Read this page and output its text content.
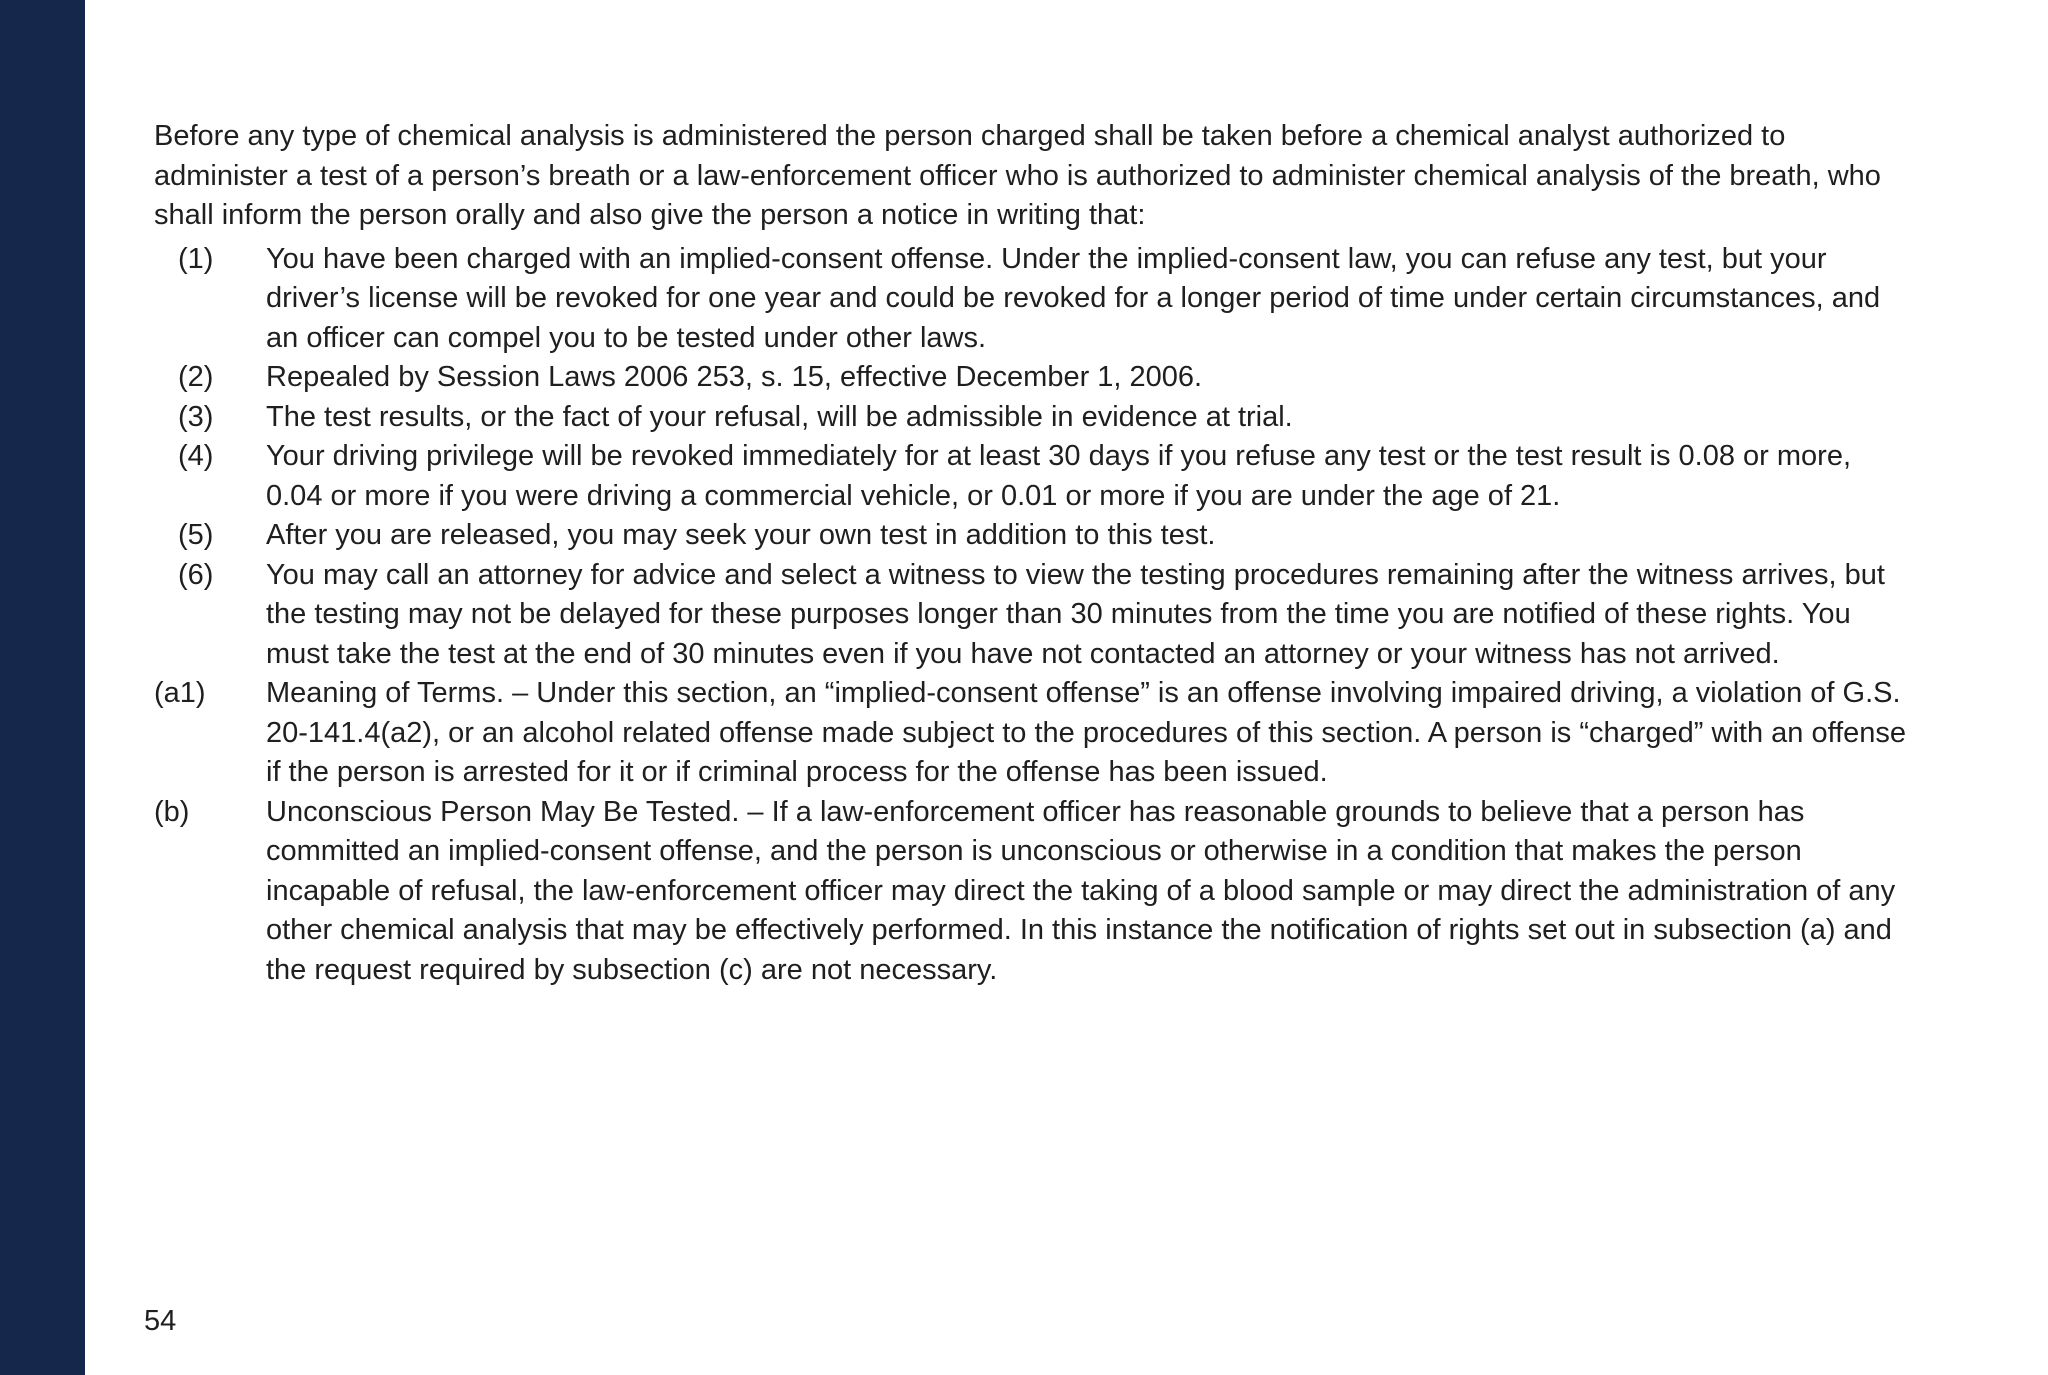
Before any type of chemical analysis is administered the person charged shall be taken before a chemical analyst authorized to administer a test of a person’s breath or a law-enforcement officer who is authorized to administer chemical analysis of the breath, who shall inform the person orally and also give the person a notice in writing that:

(1) You have been charged with an implied-consent offense. Under the implied-consent law, you can refuse any test, but your driver’s license will be revoked for one year and could be revoked for a longer period of time under certain circumstances, and an officer can compel you to be tested under other laws.
(2) Repealed by Session Laws 2006 253, s. 15, effective December 1, 2006.
(3) The test results, or the fact of your refusal, will be admissible in evidence at trial.
(4) Your driving privilege will be revoked immediately for at least 30 days if you refuse any test or the test result is 0.08 or more, 0.04 or more if you were driving a commercial vehicle, or 0.01 or more if you are under the age of 21.
(5) After you are released, you may seek your own test in addition to this test.
(6) You may call an attorney for advice and select a witness to view the testing procedures remaining after the witness arrives, but the testing may not be delayed for these purposes longer than 30 minutes from the time you are notified of these rights. You must take the test at the end of 30 minutes even if you have not contacted an attorney or your witness has not arrived.
(a1) Meaning of Terms. – Under this section, an “implied-consent offense” is an offense involving impaired driving, a violation of G.S. 20-141.4(a2), or an alcohol related offense made subject to the procedures of this section. A person is “charged” with an offense if the person is arrested for it or if criminal process for the offense has been issued.
(b)	Unconscious Person May Be Tested. – If a law-enforcement officer has reasonable grounds to believe that a person has committed an implied-consent offense, and the person is unconscious or otherwise in a condition that makes the person incapable of refusal, the law-enforcement officer may direct the taking of a blood sample or may direct the administration of any other chemical analysis that may be effectively performed. In this instance the notification of rights set out in subsection (a) and the request required by subsection (c) are not necessary.
54
